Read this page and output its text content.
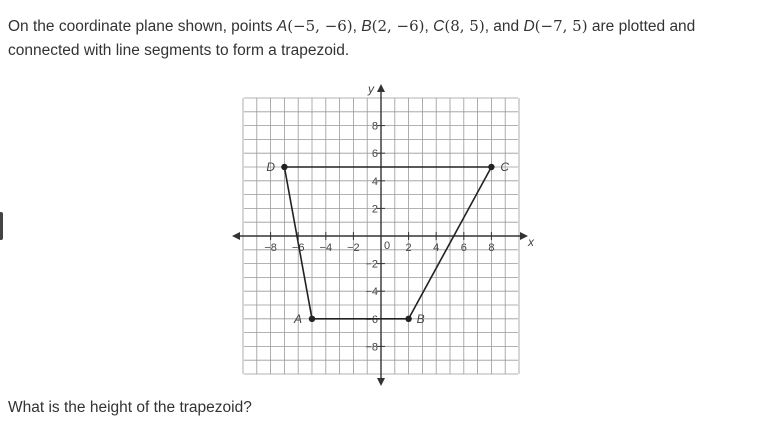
On the coordinate plane shown, points A(−5, −6), B(2, −6), C(8, 5), and D(−7, 5) are plotted and connected with line segments to form a trapezoid.

x
y
−8 −6 −4 −2	2 4 6 8
8
6
4
2
−2
−4
−6
−8
0
A	B
C
D

What is the height of the trapezoid?
